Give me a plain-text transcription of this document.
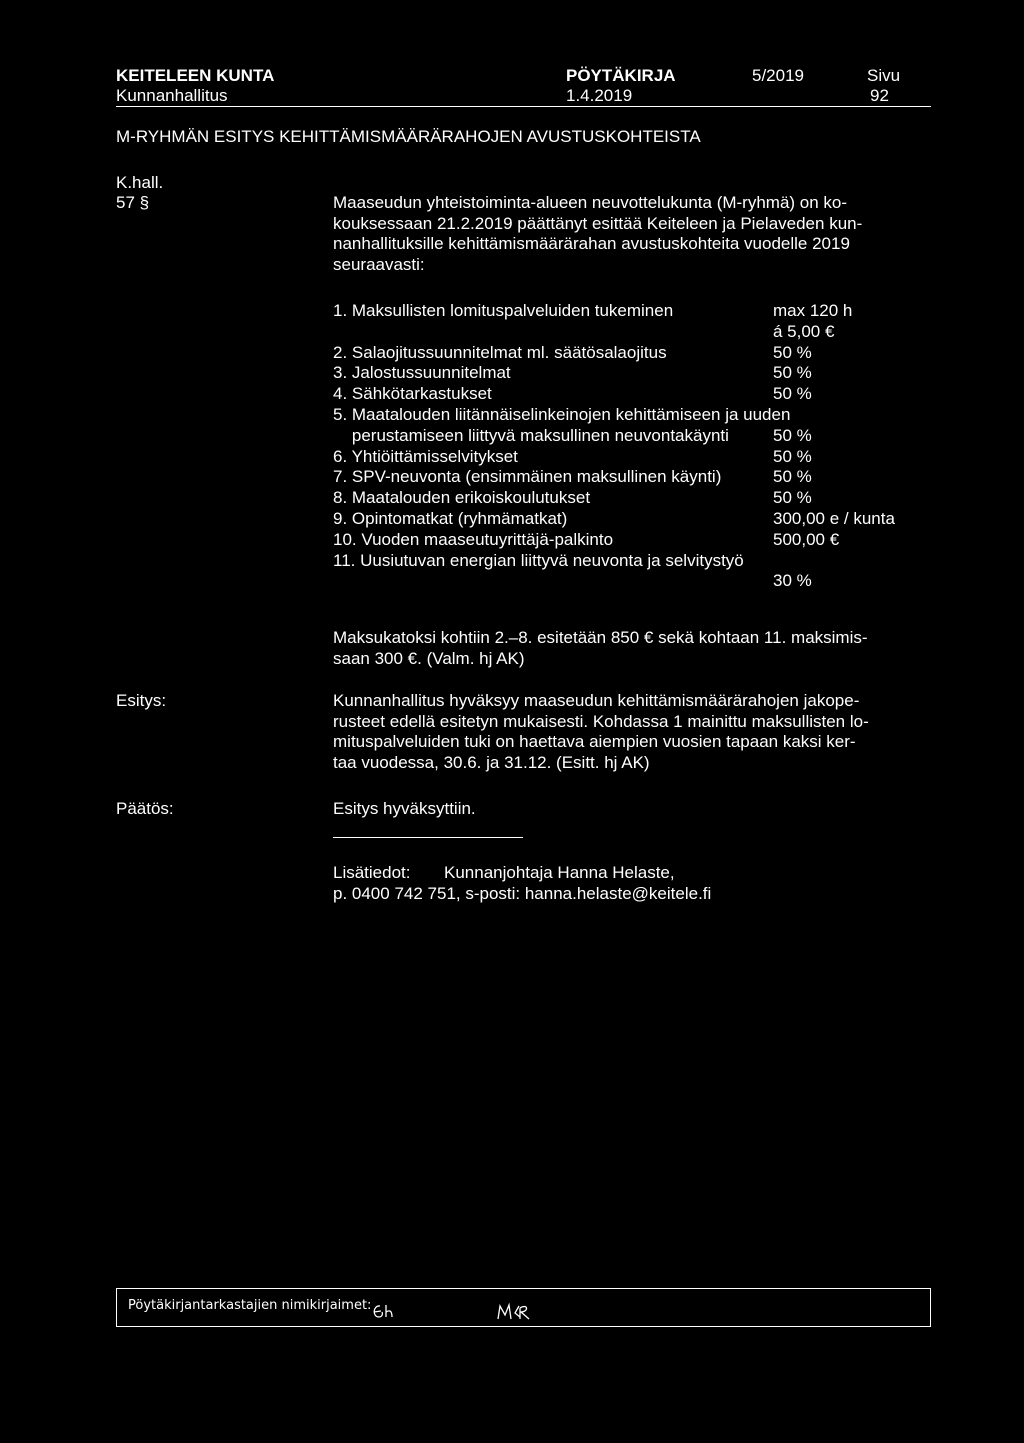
KEITELEEN KUNTA	PÖYTÄKIRJA	5/2019	Sivu
Kunnanhallitus	1.4.2019	92
M-RYHMÄN ESITYS KEHITTÄMISMÄÄRÄRAHOJEN AVUSTUSKOHTEISTA
K.hall.
57 §	Maaseudun yhteistoiminta-alueen neuvottelukunta (M-ryhmä) on ko-
kouksessaan 21.2.2019 päättänyt esittää Keiteleen ja Pielaveden kun-
nanhallituksille kehittämismäärärahan avustuskohteita vuodelle 2019
seuraavasti:
1. Maksullisten lomituspalveluiden tukeminen	max 120 h
á 5,00 €
2. Salaojitussuunnitelmat ml. säätösalaojitus	50 %
3. Jalostussuunnitelmat	50 %
4. Sähkötarkastukset	50 %
5. Maatalouden liitännäiselinkeinojen kehittämiseen ja uuden
perustamiseen liittyvä maksullinen neuvontakäynti	50 %
6. Yhtiöittämisselvitykset	50 %
7. SPV-neuvonta (ensimmäinen maksullinen käynti)	50 %
8. Maatalouden erikoiskoulutukset	50 %
9. Opintomatkat (ryhmämatkat)	300,00 e / kunta
10. Vuoden maaseutuyrittäjä-palkinto	500,00 €
11. Uusiutuvan energian liittyvä neuvonta ja selvitystyö
30 %
Maksukatoksi kohtiin 2.–8. esitetään 850 € sekä kohtaan 11. maksimis-
saan 300 €. (Valm. hj AK)
Esitys:	Kunnanhallitus hyväksyy maaseudun kehittämismäärärahojen jakope-
rusteet edellä esitetyn mukaisesti. Kohdassa 1 mainittu maksullisten lo-
mituspalveluiden tuki on haettava aiempien vuosien tapaan kaksi ker-
taa vuodessa, 30.6. ja 31.12. (Esitt. hj AK)
Päätös:	Esitys hyväksyttiin.
Lisätiedot: Kunnanjohtaja Hanna Helaste,
p. 0400 742 751, s-posti: hanna.helaste@keitele.fi
Pöytäkirjantarkastajien nimikirjaimet:
